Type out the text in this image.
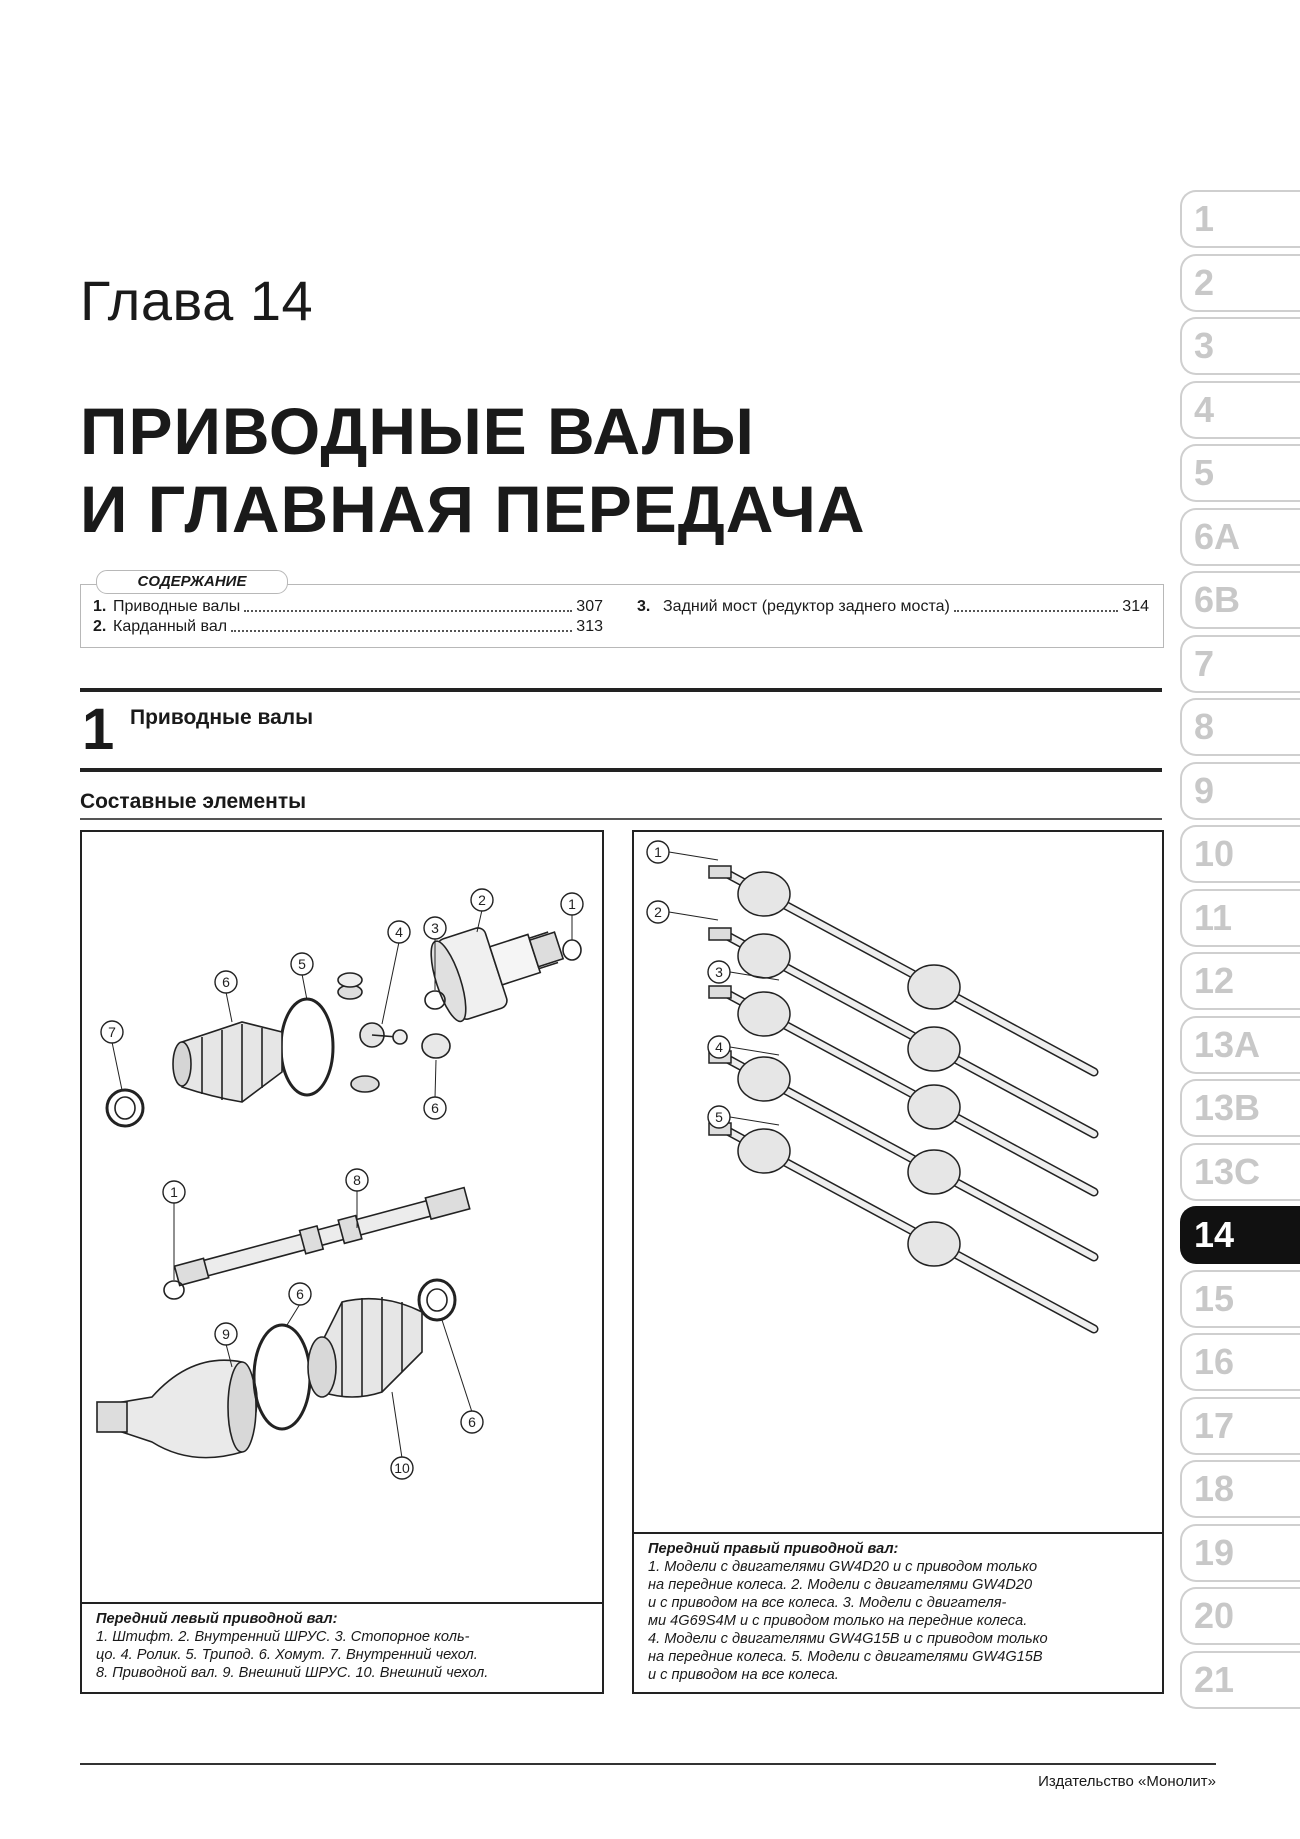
Глава 14
ПРИВОДНЫЕ ВАЛЫ
И ГЛАВНАЯ ПЕРЕДАЧА
1. Приводные валы	307
2. Карданный вал	313
3. Задний мост (редуктор заднего моста)	314
СОДЕРЖАНИЕ
1 Приводные валы
Составные элементы
1
2
3
4
5
6
7
6
8
1
9
6
10
6
Передний левый приводной вал:
1. Штифт. 2. Внутренний ШРУС. 3. Стопорное коль-
цо. 4. Ролик. 5. Трипод. 6. Хомут. 7. Внутренний чехол.
8. Приводной вал. 9. Внешний ШРУС. 10. Внешний чехол.
1
2
3
4
5
Передний правый приводной вал:
1. Модели с двигателями GW4D20 и с приводом только
на передние колеса. 2. Модели с двигателями GW4D20
и с приводом на все колеса. 3. Модели с двигателя-
ми 4G69S4M и с приводом только на передние колеса.
4. Модели с двигателями GW4G15B и с приводом только
на передние колеса. 5. Модели с двигателями GW4G15B
и с приводом на все колеса.
1
2
3
4
5
6A
6B
7
8
9
10
11
12
13A
13B
13C
14
15
16
17
18
19
20
21
Издательство «Монолит»
